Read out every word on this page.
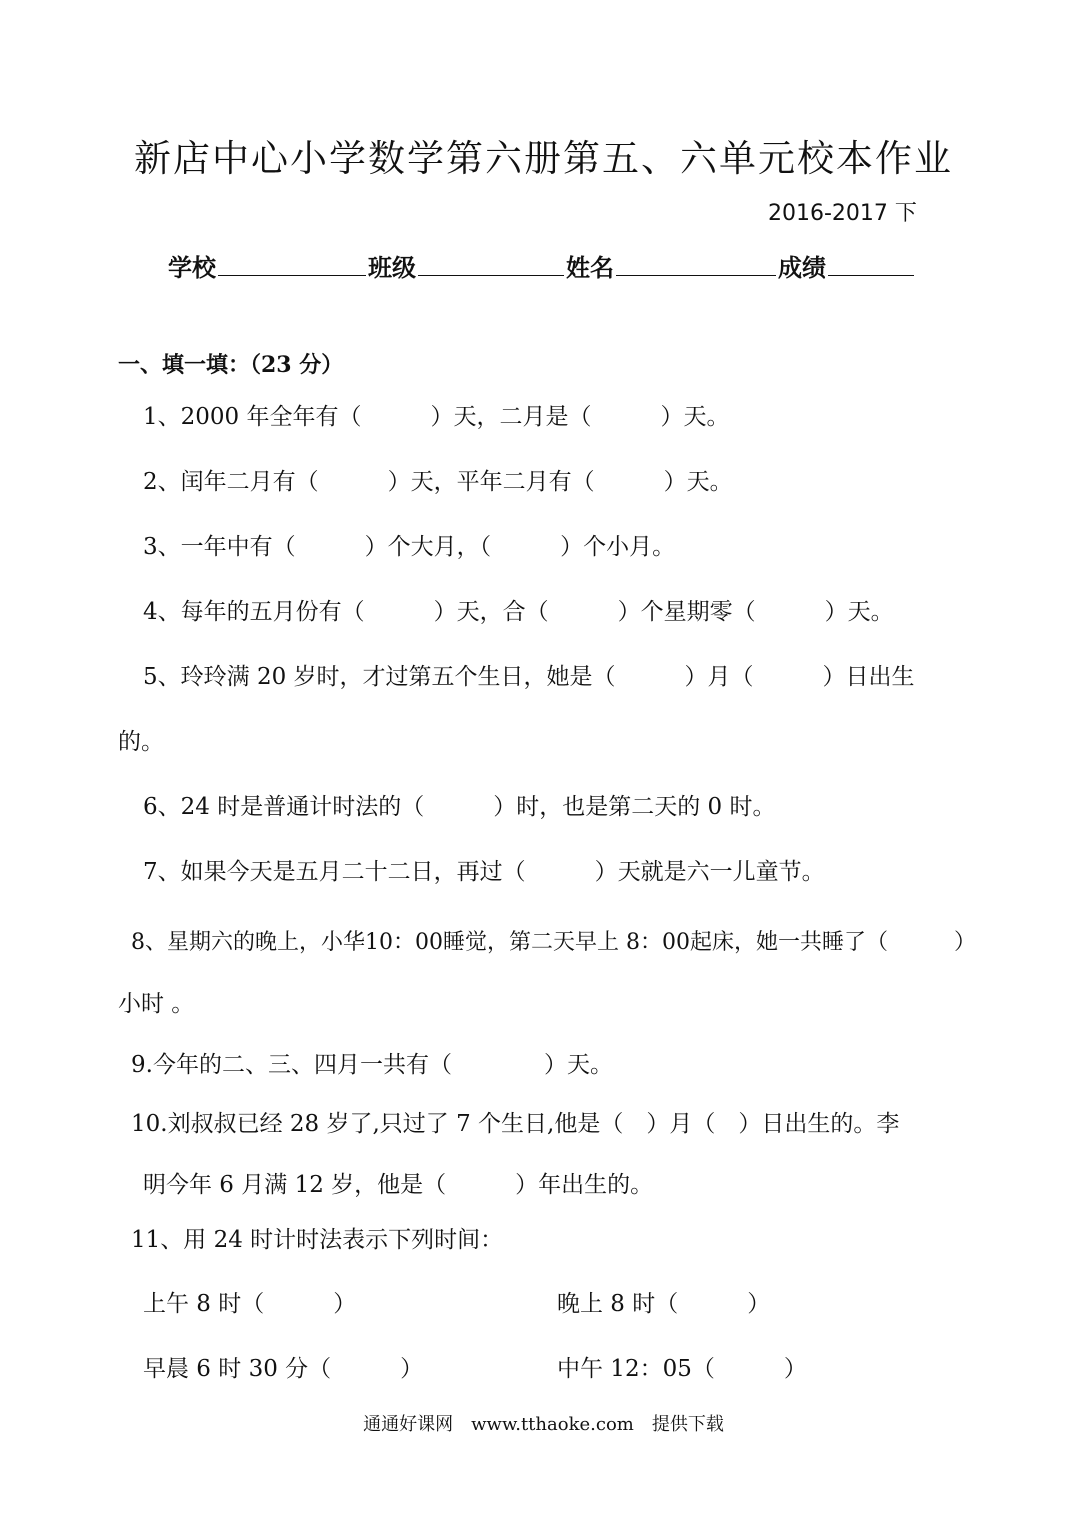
新店中心小学数学第六册第五、六单元校本作业
2016-2017 下
学校	班级	姓名	成绩
一、填一填：（23 分）
1、2000 年全年有（　　　）天，二月是（　　　）天。
2、闰年二月有（　　　）天，平年二月有（　　　）天。
3、一年中有（　　　）个大月，（　　　）个小月。
4、每年的五月份有（　　　）天，合（　　　）个星期零（　　　）天。
5、玲玲满 20 岁时，才过第五个生日，她是（　　　）月（　　　）日出生
的。
6、24 时是普通计时法的（　　　）时，也是第二天的 0 时。
7、如果今天是五月二十二日，再过（　　　）天就是六一儿童节。
8、星期六的晚上，小华10：00睡觉，第二天早上 8：00起床，她一共睡了（　　　）
小时 。
9.今年的二、三、四月一共有（　　　　）天。
10.刘叔叔已经 28 岁了,只过了 7 个生日,他是（　）月（　）日出生的。李
明今年 6 月满 12 岁，他是（　　　）年出生的。
11、用 24 时计时法表示下列时间：
上午 8 时（　　　）	晚上 8 时（　　　）
早晨 6 时 30 分（　　　）	中午 12：05（　　　）
通通好课网　www.tthaoke.com　提供下载
